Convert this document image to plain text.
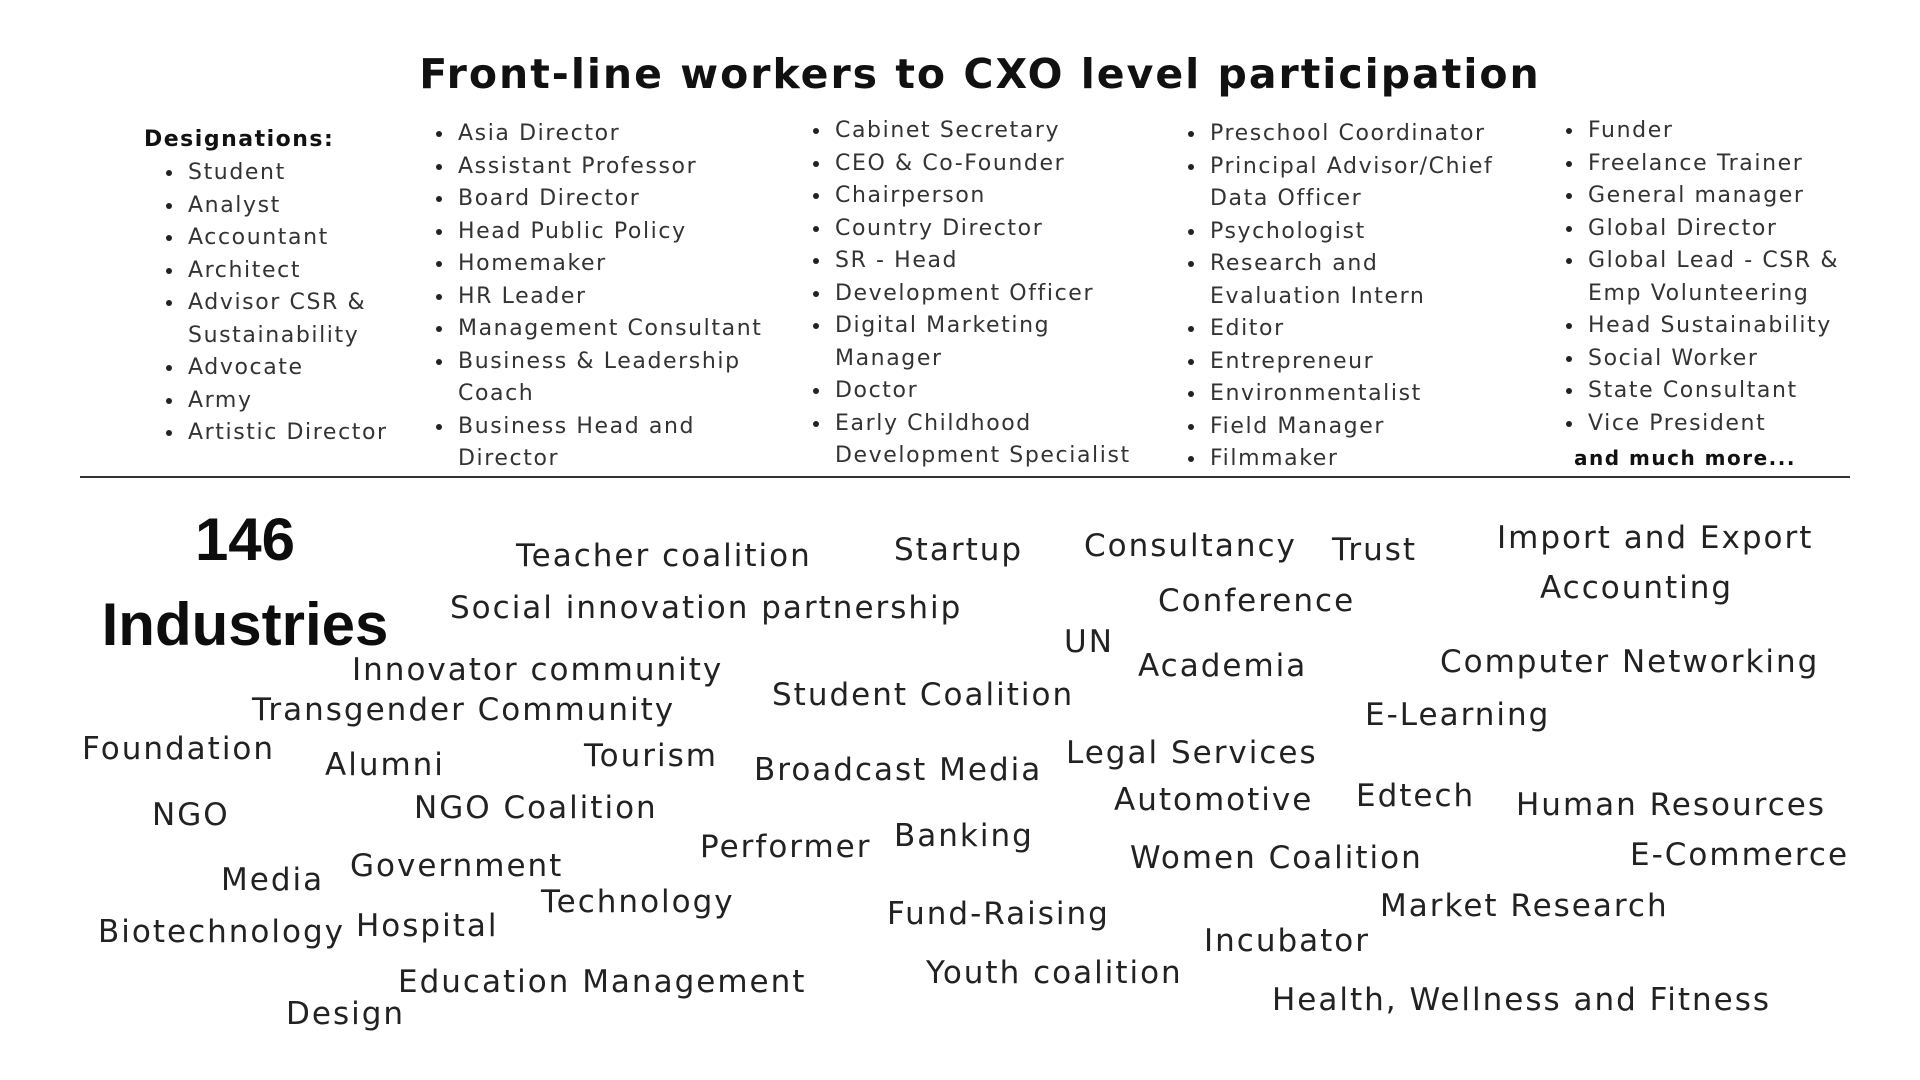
Front-line workers to CXO level participation
Designations:
Student
Analyst
Accountant
Architect
Advisor CSR &
Sustainability
Advocate
Army
Artistic Director
Asia Director
Assistant Professor
Board Director
Head Public Policy
Homemaker
HR Leader
Management Consultant
Business & Leadership
Coach
Business Head and
Director
Cabinet Secretary
CEO & Co-Founder
Chairperson
Country Director
SR - Head
Development Officer
Digital Marketing
Manager
Doctor
Early Childhood
Development Specialist
Preschool Coordinator
Principal Advisor/Chief
Data Officer
Psychologist
Research and
Evaluation Intern
Editor
Entrepreneur
Environmentalist
Field Manager
Filmmaker
Funder
Freelance Trainer
General manager
Global Director
Global Lead - CSR &
Emp Volunteering
Head Sustainability
Social Worker
State Consultant
Vice President
and much more...
146
Industries
Teacher coalition	Startup Consultancy Trust	Import and Export
Social innovation partnership	Conference	Accounting
UN
Innovator community	Academia	Computer Networking
Student Coalition
Transgender Community	E-Learning
Foundation	Tourism	Legal Services
Alumni	Broadcast Media
Automotive Edtech Human Resources
NGO	NGO Coalition
Banking
Performer	Women Coalition	E-Commerce
Media Government
Technology	Market Research
Fund-Raising
Biotechnology Hospital	Incubator
Youth coalition
Education Management	Health, Wellness and Fitness
Design
